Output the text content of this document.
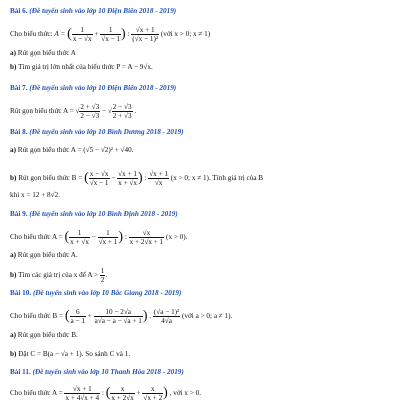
Bài 6. (Đề tuyển sinh vào lớp 10 Điện Biên 2018 - 2019)
Cho biểu thức: A = ( $\frac{1}{x - √x} + \frac{1}{√x - 1}$ ) : $\frac{√x + 1}{\text{(√x − 1)²}}$ (với x > 0; x ≠ 1)
a) Rút gọn biểu thức A
b) Tìm giá trị lớn nhất của biểu thức P = A − 9√x.
Bài 7. (Đề tuyển sinh vào lớp 10 Điện Biên 2018 - 2019)
Rút gọn biểu thức A = √ $\frac{2 + √3}{2 - √3}$ − √ $\frac{2 - √3}{2 + √3}$ .
Bài 8. (Đề tuyển sinh vào lớp 10 Bình Dương 2018 - 2019)
a) Rút gọn biểu thức A = (√5 − √2)² + √40.
b) Rút gọn biểu thức B = ( $\frac{x - √x}{√x - 1} - \frac{√x + 1}{x + √x}$ ) : $\frac{√x + 1}{√x} (x > 0$; x ≠ 1). Tính giá trị của B
khi x = 12 + 8√2.
Bài 9. (Đề tuyển sinh vào lớp 10 Bình Định 2018 - 2019)
Cho biểu thức A = ( $\frac{1}{x + √x} - \frac{1}{√x + 1}$ ) : $\frac{√x}{x + 2√x + 1} (x > 0)$.
a) Rút gọn biểu thức A.
b) Tìm các giá trị của x để $A > \frac{1}{2}$ .
Bài 10. (Đề tuyển sinh vào lớp 10 Bắc Giang 2018 - 2019)
Cho biểu thức B = ( $\frac{6}{a - 1} + \frac{10 - 2√a}{a√a - a - √a + 1}$ ) . $\frac{\text{(√a − 1)²}}{4√a}$ (với a > 0; a ≠ 1).
a) Rút gọn biểu thức B.
b) Đặt C = B(a − √a + 1). So sánh C và 1.
Bài 11. (Đề tuyển sinh vào lớp 10 Thanh Hóa 2018 - 2019)
Cho biểu thức $A = \frac{√x + 1}{x + 4√x + 4}$ : ( $\frac{x}{x + 2√x} + \frac{x}{√x + 2}$ ) , với x > 0.
